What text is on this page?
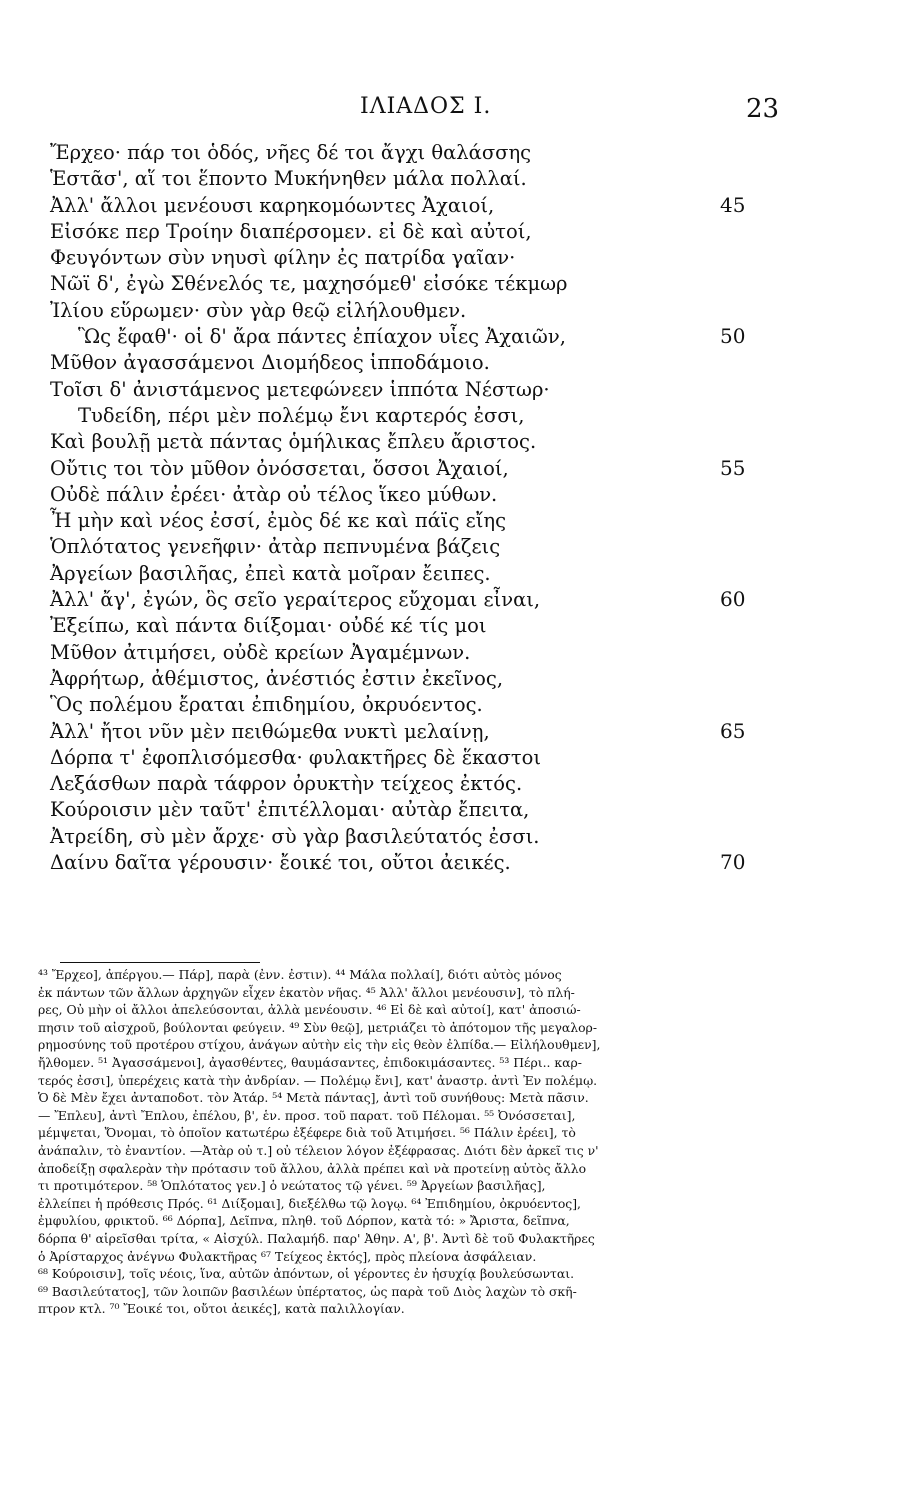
ΙΛΙΑΔΟΣ Ι.	23
Ἔρχεο· πάρ τοι ὁδός, νῆες δέ τοι ἄγχι θαλάσσης
Ἑστᾶσ', αἵ τοι ἕποντο Μυκήνηθεν μάλα πολλαί.
Ἀλλ' ἄλλοι μενέουσι καρηκομόωντες Ἀχαιοί,
Εἰσόκε περ Τροίην διαπέρσομεν. εἰ δὲ καὶ αὐτοί,
Φευγόντων σὺν νηυσὶ φίλην ἐς πατρίδα γαῖαν·
Νῶϊ δ', ἐγὼ Σθένελός τε, μαχησόμεθ' εἰσόκε τέκμωρ
Ἰλίου εὕρωμεν· σὺν γὰρ θεῷ εἰλήλουθμεν.
Ὣς ἔφαθ'· οἱ δ' ἄρα πάντες ἐπίαχον υἷες Ἀχαιῶν,
Μῦθον ἀγασσάμενοι Διομήδεος ἱπποδάμοιο.
Τοῖσι δ' ἀνιστάμενος μετεφώνεεν ἱππότα Νέστωρ·
Τυδείδη, πέρι μὲν πολέμῳ ἔνι καρτερός ἐσσι,
Καὶ βουλῇ μετὰ πάντας ὁμήλικας ἔπλευ ἄριστος.
Οὔτις τοι τὸν μῦθον ὀνόσσεται, ὅσσοι Ἀχαιοί,
Οὐδὲ πάλιν ἐρέει· ἀτὰρ οὐ τέλος ἵκεο μύθων.
Ἦ μὴν καὶ νέος ἐσσί, ἐμὸς δέ κε καὶ πάϊς εἴης
Ὁπλότατος γενεῆφιν· ἀτὰρ πεπνυμένα βάζεις
Ἀργείων βασιλῆας, ἐπεὶ κατὰ μοῖραν ἔειπες.
Ἀλλ' ἄγ', ἐγών, ὃς σεῖο γεραίτερος εὔχομαι εἶναι,
Ἐξείπω, καὶ πάντα διίξομαι· οὐδέ κέ τίς μοι
Μῦθον ἀτιμήσει, οὐδὲ κρείων Ἀγαμέμνων.
Ἀφρήτωρ, ἀθέμιστος, ἀνέστιός ἐστιν ἐκεῖνος,
Ὃς πολέμου ἔραται ἐπιδημίου, ὀκρυόεντος.
Ἀλλ' ἤτοι νῦν μὲν πειθώμεθα νυκτὶ μελαίνῃ,
Δόρπα τ' ἐφοπλισόμεσθα· φυλακτῆρες δὲ ἕκαστοι
Λεξάσθων παρὰ τάφρον ὀρυκτὴν τείχεος ἐκτός.
Κούροισιν μὲν ταῦτ' ἐπιτέλλομαι· αὐτὰρ ἔπειτα,
Ἀτρείδη, σὺ μὲν ἄρχε· σὺ γὰρ βασιλεύτατός ἐσσι.
Δαίνυ δαῖτα γέρουσιν· ἔοικέ τοι, οὔτοι ἀεικές.
45
50
55
60
65
70
⁴³ Ἔρχεο], ἀπέργου.— Πάρ], παρὰ (ἐνν. ἐστιν). ⁴⁴ Μάλα πολλαί], διότι αὐτὸς μόνος
ἐκ πάντων τῶν ἄλλων ἀρχηγῶν εἶχεν ἑκατὸν νῆας. ⁴⁵ Ἀλλ' ἄλλοι μενέουσιν], τὸ πλή-
ρες, Οὐ μὴν οἱ ἄλλοι ἀπελεύσονται, ἀλλὰ μενέουσιν. ⁴⁶ Εἰ δὲ καὶ αὐτοί], κατ' ἀποσιώ-
πησιν τοῦ αἰσχροῦ, βούλονται φεύγειν. ⁴⁹ Σὺν θεῷ], μετριάζει τὸ ἀπότομον τῆς μεγαλορ-
ρημοσύνης τοῦ προτέρου στίχου, ἀνάγων αὐτὴν εἰς τὴν εἰς θεὸν ἐλπίδα.— Εἰλήλουθμεν],
ἤλθομεν. ⁵¹ Ἀγασσάμενοι], ἀγασθέντες, θαυμάσαντες, ἐπιδοκιμάσαντες. ⁵³ Πέρι.. καρ-
τερός ἐσσι], ὑπερέχεις κατὰ τὴν ἀνδρίαν. — Πολέμῳ ἔνι], κατ' ἀναστρ. ἀντὶ Ἐν πολέμῳ.
Ὁ δὲ Μὲν ἔχει ἀνταποδοτ. τὸν Ἀτάρ. ⁵⁴ Μετὰ πάντας], ἀντὶ τοῦ συνήθους: Μετὰ πᾶσιν.
— Ἔπλευ], ἀντὶ Ἔπλου, ἐπέλου, β', ἑν. προσ. τοῦ παρατ. τοῦ Πέλομαι. ⁵⁵ Ὀνόσσεται],
μέμψεται, Ὄνομαι, τὸ ὁποῖον κατωτέρω ἐξέφερε διὰ τοῦ Ἀτιμήσει. ⁵⁶ Πάλιν ἐρέει], τὸ
ἀνάπαλιν, τὸ ἐναντίον. —Ἀτὰρ οὐ τ.] οὐ τέλειον λόγον ἐξέφρασας. Διότι δὲν ἀρκεῖ τις ν'
ἀποδείξῃ σφαλερὰν τὴν πρότασιν τοῦ ἄλλου, ἀλλὰ πρέπει καὶ νὰ προτείνῃ αὐτὸς ἄλλο
τι προτιμότερον. ⁵⁸ Ὁπλότατος γεν.] ὁ νεώτατος τῷ γένει. ⁵⁹ Ἀργείων βασιλῆας],
ἐλλείπει ἡ πρόθεσις Πρός. ⁶¹ Διίξομαι], διεξέλθω τῷ λογῳ. ⁶⁴ Ἐπιδημίου, ὀκρυόεντος],
ἐμφυλίου, φρικτοῦ. ⁶⁶ Δόρπα], Δεῖπνα, πληθ. τοῦ Δόρπον, κατὰ τό: » Ἄριστα, δεῖπνα,
δόρπα θ' αἱρεῖσθαι τρίτα, « Αἰσχύλ. Παλαμήδ. παρ' Ἀθην. Α', β'. Ἀντὶ δὲ τοῦ Φυλακτῆρες
ὁ Ἀρίσταρχος ἀνέγνω Φυλακτῆρας ⁶⁷ Τείχεος ἐκτός], πρὸς πλείονα ἀσφάλειαν.
⁶⁸ Κούροισιν], τοῖς νέοις, ἵνα, αὐτῶν ἀπόντων, οἱ γέροντες ἐν ἡσυχίᾳ βουλεύσωνται.
⁶⁹ Βασιλεύτατος], τῶν λοιπῶν βασιλέων ὑπέρτατος, ὡς παρὰ τοῦ Διὸς λαχὼν τὸ σκῆ-
πτρον κτλ. ⁷⁰ Ἔοικέ τοι, οὔτοι ἀεικές], κατὰ παλιλλογίαν.
